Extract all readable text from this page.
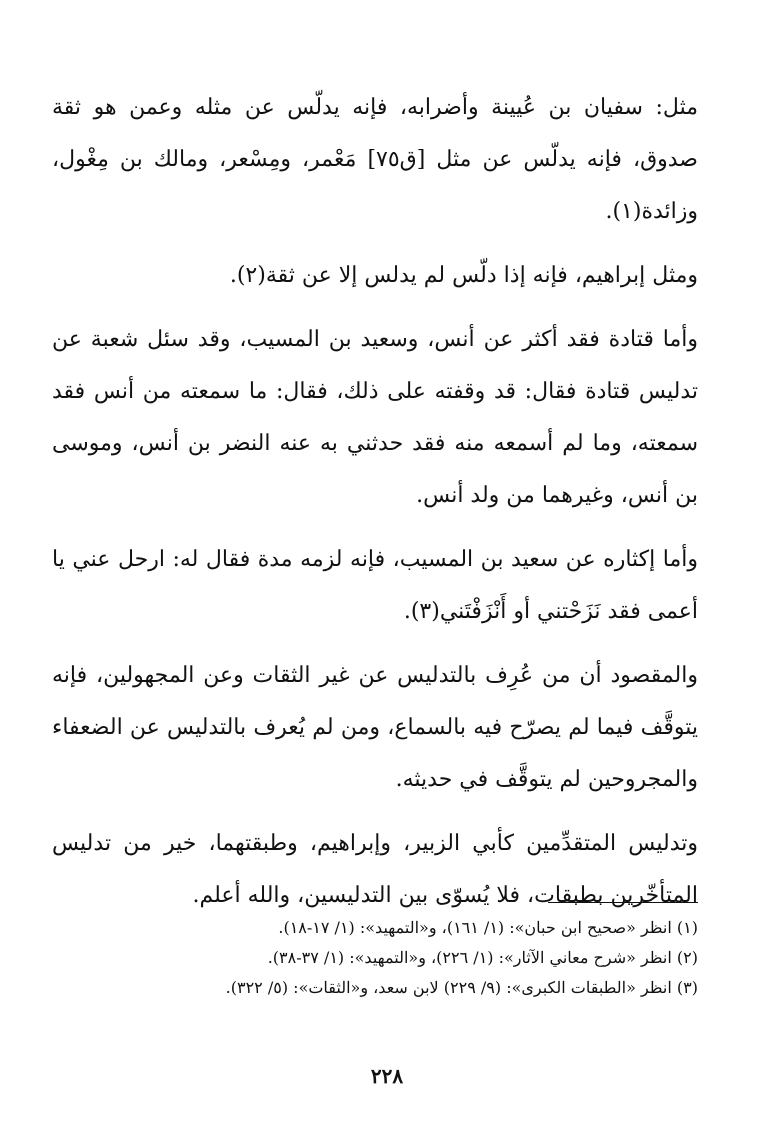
مثل: سفيان بن عُيينة وأضرابه، فإنه يدلّس عن مثله وعمن هو ثقة صدوق، فإنه يدلّس عن مثل [ق٧٥] مَعْمر، ومِسْعر، ومالك بن مِغْول، وزائدة(١).

ومثل إبراهيم، فإنه إذا دلّس لم يدلس إلا عن ثقة(٢).

وأما قتادة فقد أكثر عن أنس، وسعيد بن المسيب، وقد سئل شعبة عن تدليس قتادة فقال: قد وقفته على ذلك، فقال: ما سمعته من أنس فقد سمعته، وما لم أسمعه منه فقد حدثني به عنه النضر بن أنس، وموسى بن أنس، وغيرهما من ولد أنس.

وأما إكثاره عن سعيد بن المسيب، فإنه لزمه مدة فقال له: ارحل عني يا أعمى فقد نَزَحْتني أو أَنْزَفْتَني(٣).

والمقصود أن من عُرِف بالتدليس عن غير الثقات وعن المجهولين، فإنه يتوقَّف فيما لم يصرّح فيه بالسماع، ومن لم يُعرف بالتدليس عن الضعفاء والمجروحين لم يتوقَّف في حديثه.

وتدليس المتقدِّمين كأبي الزبير، وإبراهيم، وطبقتهما، خير من تدليس المتأخّرين بطبقات، فلا يُسوّى بين التدليسين، والله أعلم.

(١) انظر «صحيح ابن حبان»: (١/ ١٦١)، و«التمهيد»: (١/ ١٧-١٨).
(٢) انظر «شرح معاني الآثار»: (١/ ٢٢٦)، و«التمهيد»: (١/ ٣٧-٣٨).
(٣) انظر «الطبقات الكبرى»: (٩/ ٢٢٩) لابن سعد، و«الثقات»: (٥/ ٣٢٢).
٢٢٨
